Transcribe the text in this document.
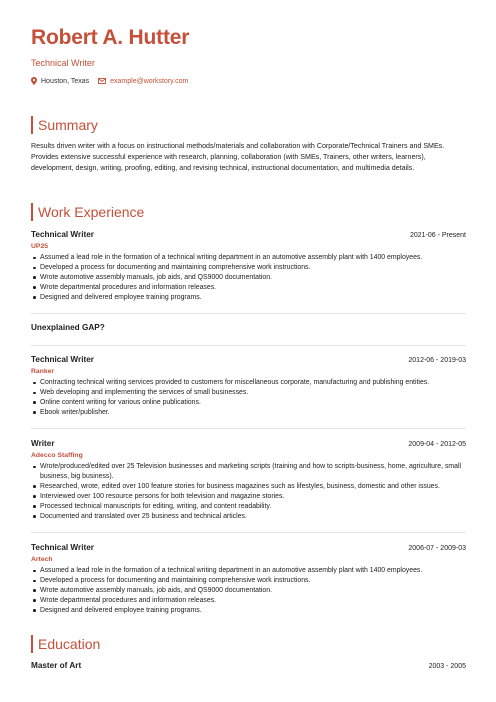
Robert A. Hutter
Technical Writer
Houston, Texas	example@workstory.com
Summary
Results driven writer with a focus on instructional methods/materials and collaboration with Corporate/Technical Trainers and SMEs. Provides extensive successful experience with research, planning, collaboration (with SMEs, Trainers, other writers, learners), development, design, writing, proofing, editing, and revising technical, instructional documentation, and multimedia details.
Work Experience
Technical Writer	2021-06 - Present
UP25
Assumed a lead role in the formation of a technical writing department in an automotive assembly plant with 1400 employees.
Developed a process for documenting and maintaining comprehensive work instructions.
Wrote automotive assembly manuals, job aids, and QS9000 documentation.
Wrote departmental procedures and information releases.
Designed and delivered employee training programs.
Unexplained GAP?
Technical Writer	2012-06 - 2019-03
Ranker
Contracting technical writing services provided to customers for miscellaneous corporate, manufacturing and publishing entities.
Web developing and implementing the services of small businesses.
Online content writing for various online publications.
Ebook writer/publisher.
Writer	2009-04 - 2012-05
Adecco Staffing
Wrote/produced/edited over 25 Television businesses and marketing scripts (training and how to scripts-business, home, agriculture, small business, big business).
Researched, wrote, edited over 100 feature stories for business magazines such as lifestyles, business, domestic and other issues.
Interviewed over 100 resource persons for both television and magazine stories.
Processed technical manuscripts for editing, writing, and content readability.
Documented and translated over 25 business and technical articles.
Technical Writer	2006-07 - 2009-03
Artech
Assumed a lead role in the formation of a technical writing department in an automotive assembly plant with 1400 employees.
Developed a process for documenting and maintaining comprehensive work instructions.
Wrote automotive assembly manuals, job aids, and QS9000 documentation.
Wrote departmental procedures and information releases.
Designed and delivered employee training programs.
Education
Master of Art	2003 - 2005
